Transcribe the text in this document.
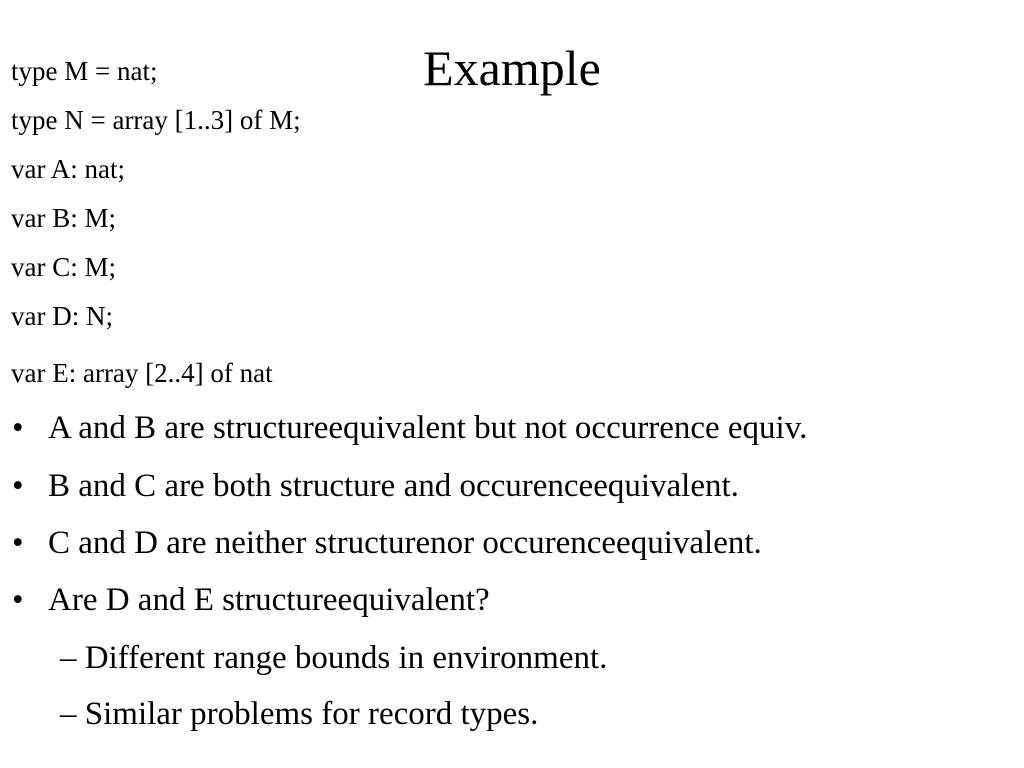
Example
type M = nat;
type N = array [1..3] of M;
var A: nat;
var B: M;
var C: M;
var D: N;
var E: array [2..4] of nat
• A and B are structureequivalent but not occurrence equiv.
• B and C are both structure and occurenceequivalent.
• C and D are neither structurenor occurenceequivalent.
• Are D and E structureequivalent?
– Different range bounds in environment.
– Similar problems for record types.
